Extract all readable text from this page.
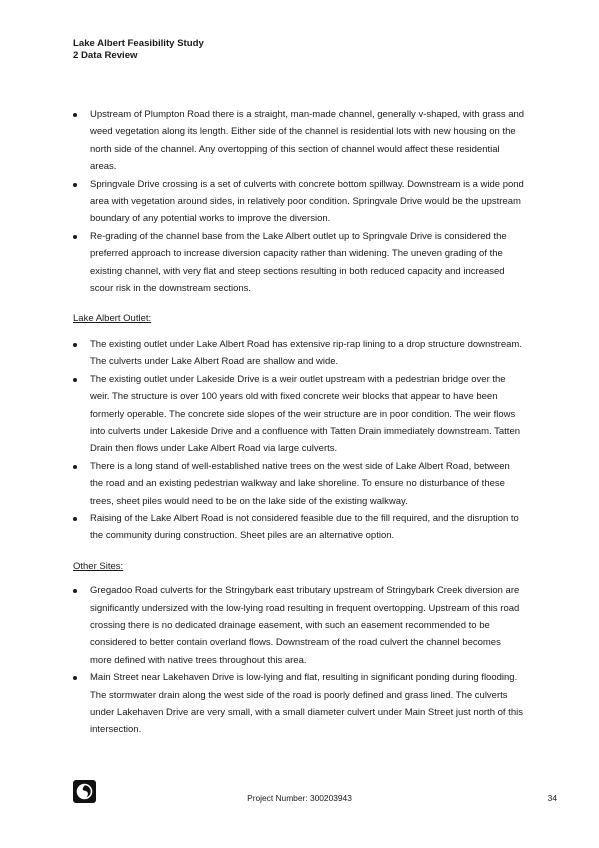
Lake Albert Feasibility Study
2 Data Review
Upstream of Plumpton Road there is a straight, man-made channel, generally v-shaped, with grass and weed vegetation along its length. Either side of the channel is residential lots with new housing on the north side of the channel. Any overtopping of this section of channel would affect these residential areas.
Springvale Drive crossing is a set of culverts with concrete bottom spillway. Downstream is a wide pond area with vegetation around sides, in relatively poor condition. Springvale Drive would be the upstream boundary of any potential works to improve the diversion.
Re-grading of the channel base from the Lake Albert outlet up to Springvale Drive is considered the preferred approach to increase diversion capacity rather than widening. The uneven grading of the existing channel, with very flat and steep sections resulting in both reduced capacity and increased scour risk in the downstream sections.

Lake Albert Outlet:

The existing outlet under Lake Albert Road has extensive rip-rap lining to a drop structure downstream. The culverts under Lake Albert Road are shallow and wide.
The existing outlet under Lakeside Drive is a weir outlet upstream with a pedestrian bridge over the weir. The structure is over 100 years old with fixed concrete weir blocks that appear to have been formerly operable. The concrete side slopes of the weir structure are in poor condition. The weir flows into culverts under Lakeside Drive and a confluence with Tatten Drain immediately downstream. Tatten Drain then flows under Lake Albert Road via large culverts.
There is a long stand of well-established native trees on the west side of Lake Albert Road, between the road and an existing pedestrian walkway and lake shoreline. To ensure no disturbance of these trees, sheet piles would need to be on the lake side of the existing walkway.
Raising of the Lake Albert Road is not considered feasible due to the fill required, and the disruption to the community during construction. Sheet piles are an alternative option.

Other Sites:

Gregadoo Road culverts for the Stringybark east tributary upstream of Stringybark Creek diversion are significantly undersized with the low-lying road resulting in frequent overtopping. Upstream of this road crossing there is no dedicated drainage easement, with such an easement recommended to be considered to better contain overland flows. Downstream of the road culvert the channel becomes more defined with native trees throughout this area.
Main Street near Lakehaven Drive is low-lying and flat, resulting in significant ponding during flooding. The stormwater drain along the west side of the road is poorly defined and grass lined. The culverts under Lakehaven Drive are very small, with a small diameter culvert under Main Street just north of this intersection.
Project Number: 300203943	34
